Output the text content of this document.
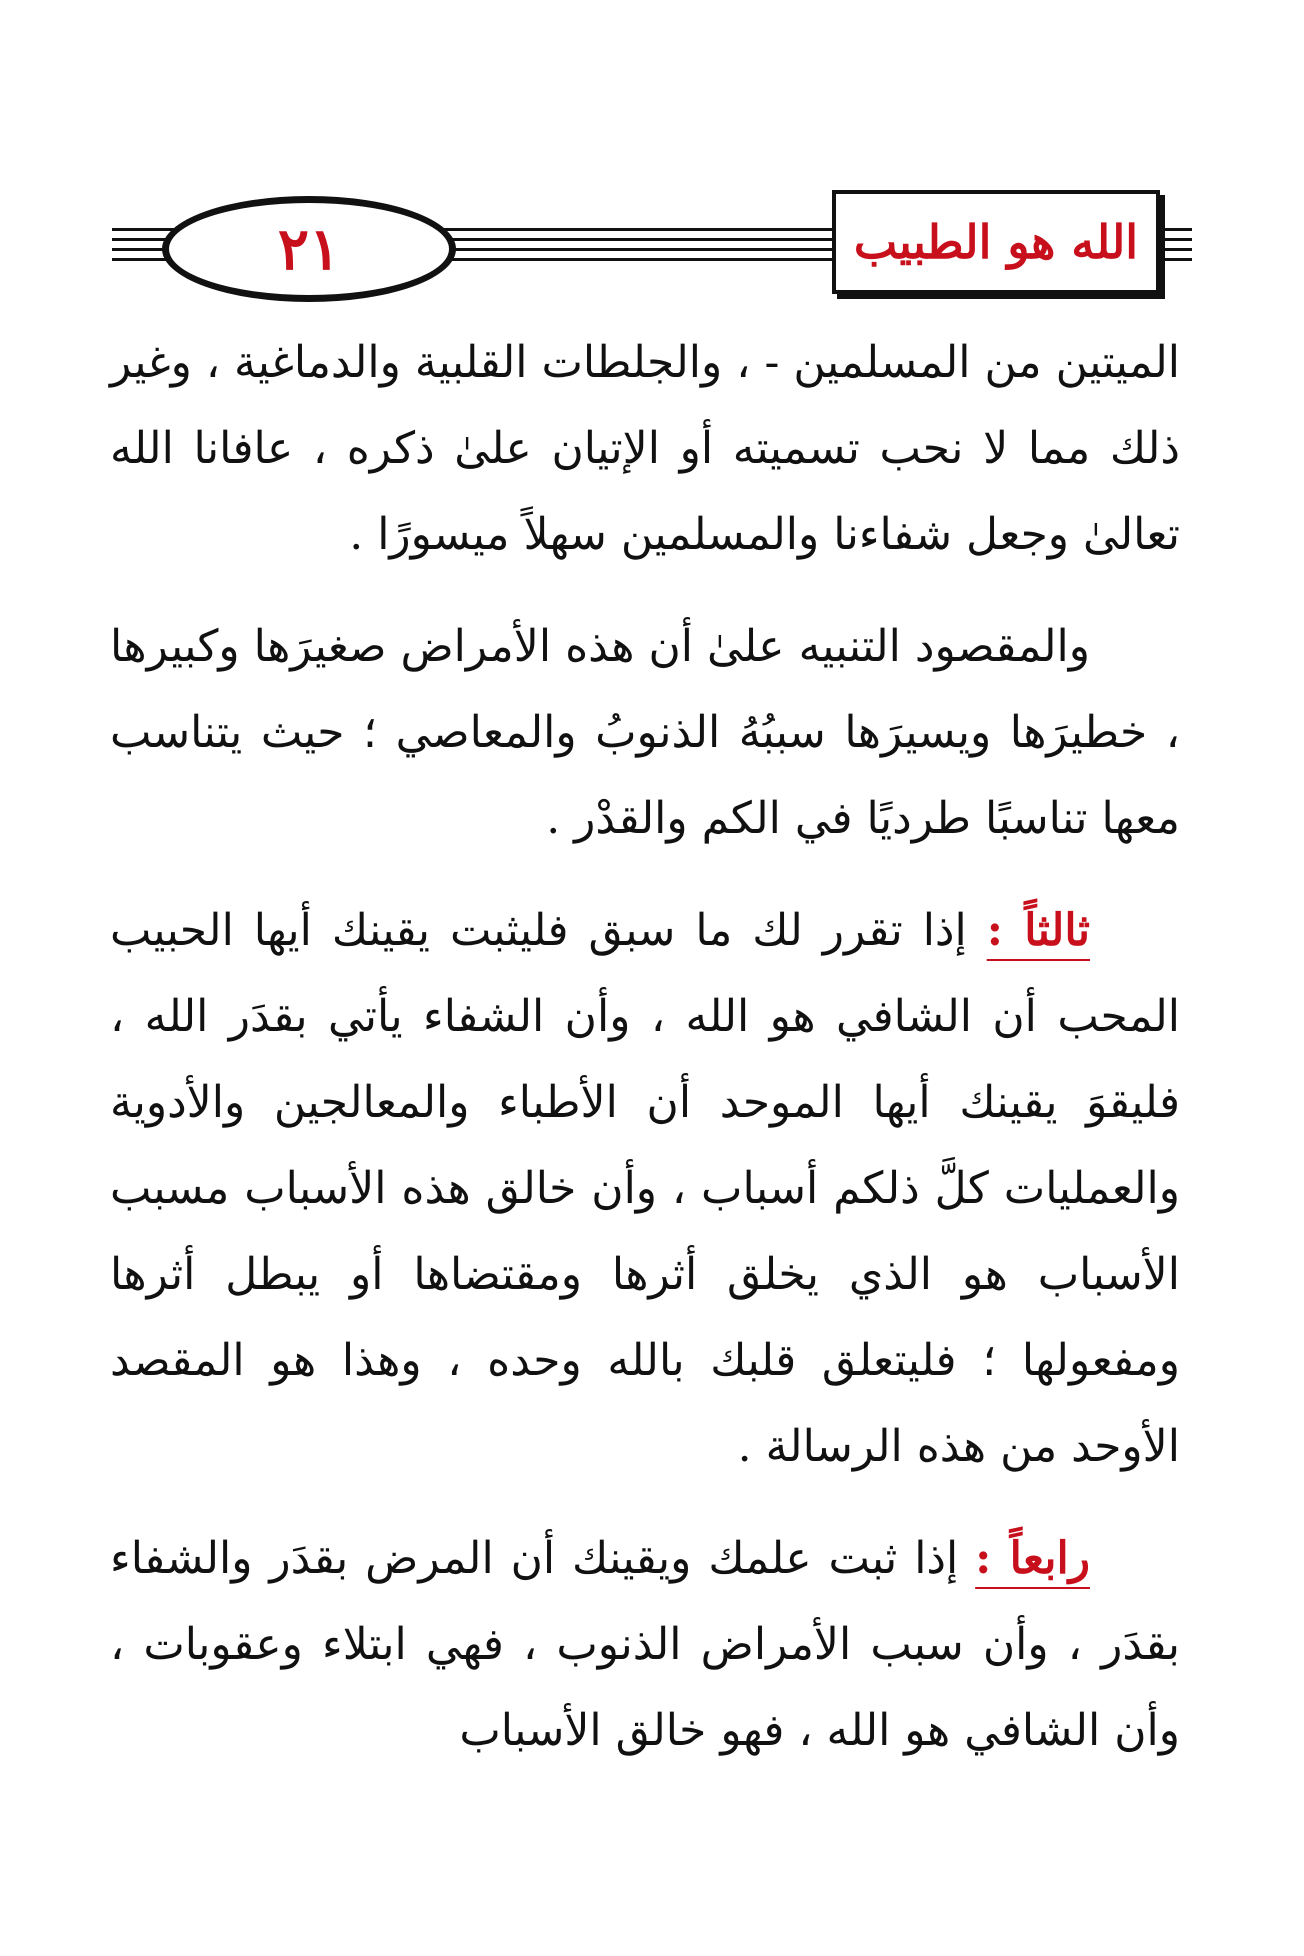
٢١	الله هو الطبيب

الميتين من المسلمين - ، والجلطات القلبية والدماغية ، وغير ذلك مما لا نحب تسميته أو الإتيان علىٰ ذكره ، عافانا الله تعالىٰ وجعل شفاءنا والمسلمين سهلاً ميسورًا .

والمقصود التنبيه علىٰ أن هذه الأمراض صغيرَها وكبيرها ، خطيرَها ويسيرَها سببُهُ الذنوبُ والمعاصي ؛ حيث يتناسب معها تناسبًا طرديًا في الكم والقدْر .

ثالثاً : إذا تقرر لك ما سبق فليثبت يقينك أيها الحبيب المحب أن الشافي هو الله ، وأن الشفاء يأتي بقدَر الله ، فليقوَ يقينك أيها الموحد أن الأطباء والمعالجين والأدوية والعمليات كلَّ ذلكم أسباب ، وأن خالق هذه الأسباب مسبب الأسباب هو الذي يخلق أثرها ومقتضاها أو يبطل أثرها ومفعولها ؛ فليتعلق قلبك بالله وحده ، وهذا هو المقصد الأوحد من هذه الرسالة .

رابعاً : إذا ثبت علمك ويقينك أن المرض بقدَر والشفاء بقدَر ، وأن سبب الأمراض الذنوب ، فهي ابتلاء وعقوبات ، وأن الشافي هو الله ، فهو خالق الأسباب
